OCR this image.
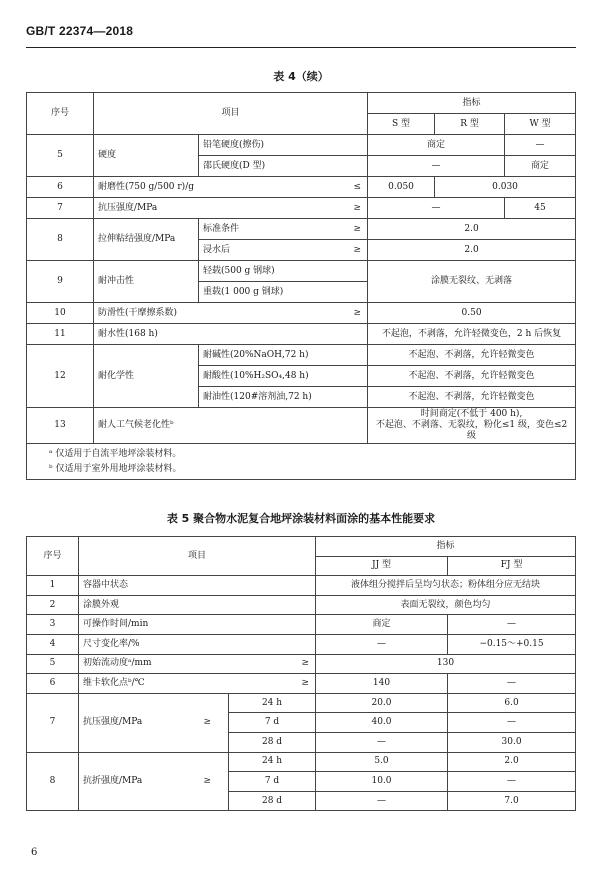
GB/T 22374—2018
表 4（续）
序号	项目			指标		
				S 型	R 型	W 型
5	硬度	铅笔硬度(擦伤)		商定		—
		邵氏硬度(D 型)		—		商定
6	耐磨性(750 g/500 r)/g		≤	0.050	0.030	
7	抗压强度/MPa		≥	—		45
8	拉伸粘结强度/MPa	标准条件	≥	2.0		
		浸水后	≥	2.0		
9	耐冲击性	轻载(500 g 钢球)		涂膜无裂纹、无剥落		
		重载(1 000 g 钢球)				
10	防滑性(干摩擦系数)		≥	0.50		
11	耐水性(168 h)			不起泡，不剥落，允许轻微变色，2 h 后恢复		
12	耐化学性	耐碱性(20%NaOH,72 h)		不起泡、不剥落，允许轻微变色		
		耐酸性(10%H₂SO₄,48 h)		不起泡、不剥落，允许轻微变色		
		耐油性(120#溶剂油,72 h)		不起泡、不剥落，允许轻微变色		
13	耐人工气候老化性ᵇ			时间商定(不低于 400 h),
不起泡、不剥落、无裂纹，粉化≤1 级，变色≤2 级		

ᵃ 仅适用于自流平地坪涂装材料。
ᵇ 仅适用于室外用地坪涂装材料。						
表 5 聚合物水泥复合地坪涂装材料面涂的基本性能要求
序号	项目			指标	
				JJ 型	FJ 型
1	容器中状态			液体组分搅拌后呈均匀状态；粉体组分应无结块	
2	涂膜外观			表面无裂纹，颜色均匀	
3	可操作时间/min			商定	—
4	尺寸变化率/%			—	−0.15～+0.15
5	初始流动度ᵃ/mm		≥	130	
6	维卡软化点ᵇ/℃		≥	140	—
7	抗压强度/MPa	≥	24 h	20.0	6.0
			7 d	40.0	—
			28 d	—	30.0
8	抗折强度/MPa	≥	24 h	5.0	2.0
			7 d	10.0	—
			28 d	—	7.0
6
